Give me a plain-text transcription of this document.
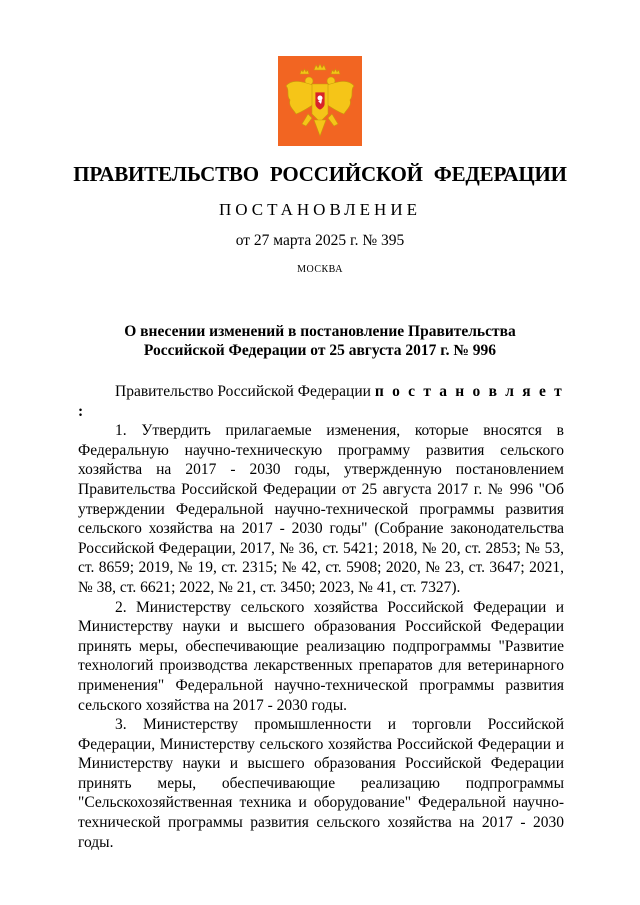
ПРАВИТЕЛЬСТВО РОССИЙСКОЙ ФЕДЕРАЦИИ
ПОСТАНОВЛЕНИЕ
от 27 марта 2025 г. № 395
МОСКВА
О внесении изменений в постановление Правительства
Российской Федерации от 25 августа 2017 г. № 996

Правительство Российской Федерации п о с т а н о в л я е т :

1. Утвердить прилагаемые изменения, которые вносятся в Федеральную научно-техническую программу развития сельского хозяйства на 2017 - 2030 годы, утвержденную постановлением Правительства Российской Федерации от 25 августа 2017 г. № 996 "Об утверждении Федеральной научно-технической программы развития сельского хозяйства на 2017 - 2030 годы" (Собрание законодательства Российской Федерации, 2017, № 36, ст. 5421; 2018, № 20, ст. 2853; № 53, ст. 8659; 2019, № 19, ст. 2315; № 42, ст. 5908; 2020, № 23, ст. 3647; 2021, № 38, ст. 6621; 2022, № 21, ст. 3450; 2023, № 41, ст. 7327).

2. Министерству сельского хозяйства Российской Федерации и Министерству науки и высшего образования Российской Федерации принять меры, обеспечивающие реализацию подпрограммы "Развитие технологий производства лекарственных препаратов для ветеринарного применения" Федеральной научно-технической программы развития сельского хозяйства на 2017 - 2030 годы.

3. Министерству промышленности и торговли Российской Федерации, Министерству сельского хозяйства Российской Федерации и Министерству науки и высшего образования Российской Федерации принять меры, обеспечивающие реализацию подпрограммы "Сельскохозяйственная техника и оборудование" Федеральной научно-технической программы развития сельского хозяйства на 2017 - 2030 годы.
